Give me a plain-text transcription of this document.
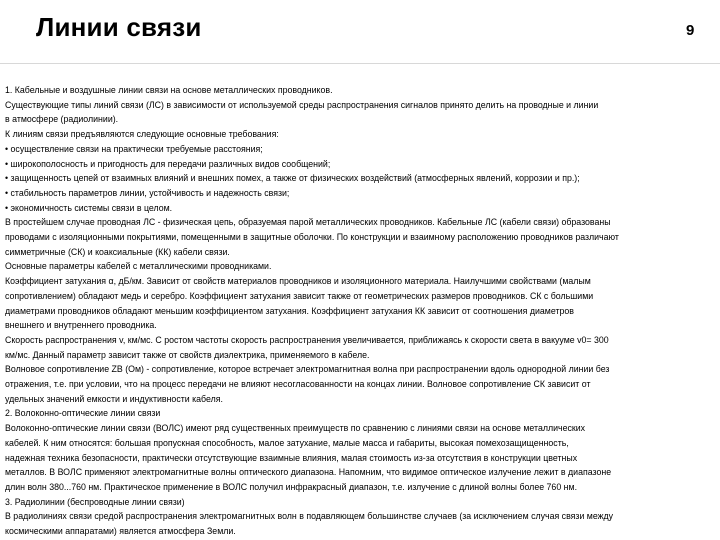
Линии связи	9
1. Кабельные и воздушные линии связи на основе металлических проводников.
Существующие типы линий связи (ЛС) в зависимости от используемой среды распространения сигналов принято делить на проводные и линии
в атмосфере (радиолинии).
К линиям связи предъявляются следующие основные требования:
• осуществление связи на практически требуемые расстояния;
• широкополосность и пригодность для передачи различных видов сообщений;
• защищенность цепей от взаимных влияний и внешних помех, а также от физических воздействий (атмосферных явлений, коррозии и пр.);
• стабильность параметров линии, устойчивость и надежность связи;
• экономичность системы связи в целом.
В простейшем случае проводная ЛС - физическая цепь, образуемая парой металлических проводников. Кабельные ЛС (кабели связи) образованы
проводами с изоляционными покрытиями, помещенными в защитные оболочки. По конструкции и взаимному расположению проводников различают
симметричные (СК) и коаксиальные (КК) кабели связи.
Основные параметры кабелей с металлическими проводниками.
Коэффициент затухания α, дБ/км. Зависит от свойств материалов проводников и изоляционного материала. Наилучшими свойствами (малым
сопротивлением) обладают медь и серебро. Коэффициент затухания зависит также от геометрических размеров проводников. СК с большими
диаметрами проводников обладают меньшим коэффициентом затухания. Коэффициент затухания КК зависит от соотношения диаметров
внешнего и внутреннего проводника.
Скорость распространения v, км/мс. С ростом частоты скорость распространения увеличивается, приближаясь к скорости света в вакууме v0= 300
км/мс. Данный параметр зависит также от свойств диэлектрика, применяемого в кабеле.
Волновое сопротивление ZB (Ом) - сопротивление, которое встречает электромагнитная волна при распространении вдоль однородной линии без
отражения, т.е. при условии, что на процесс передачи не влияют несогласованности на концах линии. Волновое сопротивление СК зависит от
удельных значений емкости и индуктивности кабеля.
2. Волоконно-оптические линии связи
Волоконно-оптические линии связи (ВОЛС) имеют ряд существенных преимуществ по сравнению с линиями связи на основе металлических
кабелей. К ним относятся: большая пропускная способность, малое затухание, малые масса и габариты, высокая помехозащищенность,
надежная техника безопасности, практически отсутствующие взаимные влияния, малая стоимость из-за отсутствия в конструкции цветных
металлов. В ВОЛС применяют электромагнитные волны оптического диапазона. Напомним, что видимое оптическое излучение лежит в диапазоне
длин волн 380...760 нм. Практическое применение в ВОЛС получил инфракрасный диапазон, т.е. излучение с длиной волны более 760 нм.
3. Радиолинии (беспроводные линии связи)
В радиолиниях связи средой распространения электромагнитных волн в подавляющем большинстве случаев (за исключением случая связи между
космическими аппаратами) является атмосфера Земли.
